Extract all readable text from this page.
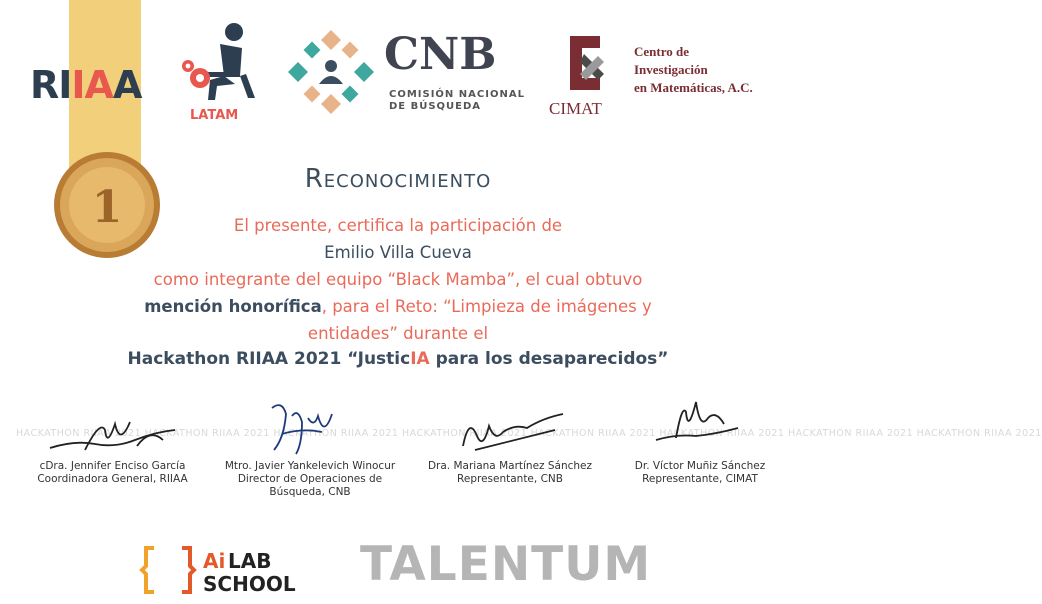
1
RIIAA
LATAM
CNB
COMISIÓN NACIONAL
DE BÚSQUEDA	CIMAT
Centro de
Investigación
en Matemáticas, A.C.
Reconocimiento
El presente, certifica la participación de
Emilio Villa Cueva
como integrante del equipo “Black Mamba”, el cual obtuvo
mención honorífica, para el Reto: “Limpieza de imágenes y
entidades” durante el
Hackathon RIIAA 2021 “JusticIA para los desaparecidos”
HACKATHON RIIAA 2021 HACKATHON RIIAA 2021 HACKATHON RIIAA 2021 HACKATHON RIIAA 2021 HACKATHON RIIAA 2021 HACKATHON RIIAA 2021 HACKATHON RIIAA 2021 HACKATHON RIIAA 2021
cDra. Jennifer Enciso García
Coordinadora General, RIIAA
Mtro. Javier Yankelevich Winocur
Director de Operaciones de
Búsqueda, CNB
Dra. Mariana Martínez Sánchez
Representante, CNB
Dr. Víctor Muñiz Sánchez
Representante, CIMAT
Ai LAB
SCHOOL TALENTUM
